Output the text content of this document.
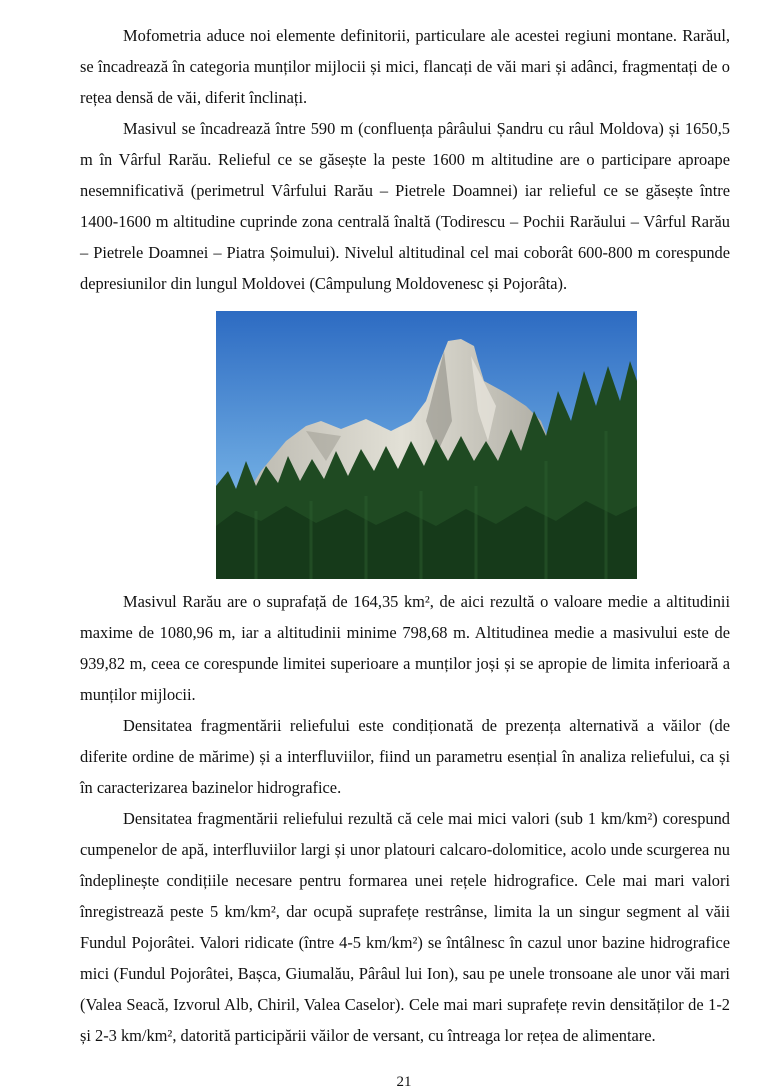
Mofometria aduce noi elemente definitorii, particulare ale acestei regiuni montane. Rarăul, se încadrează în categoria munților mijlocii și mici, flancați de văi mari și adânci, fragmentați de o rețea densă de văi, diferit înclinați.

Masivul se încadrează între 590 m (confluența pârâului Șandru cu râul Moldova) și 1650,5 m în Vârful Rarău. Relieful ce se găsește la peste 1600 m altitudine are o participare aproape nesemnificativă (perimetrul Vârfului Rarău – Pietrele Doamnei) iar relieful ce se găsește între 1400-1600 m altitudine cuprinde zona centrală înaltă (Todirescu – Pochii Rarăului – Vârful Rarău – Pietrele Doamnei – Piatra Șoimului). Nivelul altitudinal cel mai coborât 600-800 m corespunde depresiunilor din lungul Moldovei (Câmpulung Moldovenesc și Pojorâta).

Masivul Rarău are o suprafață de 164,35 km², de aici rezultă o valoare medie a altitudinii maxime de 1080,96 m, iar a altitudinii minime 798,68 m. Altitudinea medie a masivului este de 939,82 m, ceea ce corespunde limitei superioare a munților joși și se apropie de limita inferioară a munților mijlocii.

Densitatea fragmentării reliefului este condiționată de prezența alternativă a văilor (de diferite ordine de mărime) și a interfluviilor, fiind un parametru esențial în analiza reliefului, ca și în caracterizarea bazinelor hidrografice.

Densitatea fragmentării reliefului rezultă că cele mai mici valori (sub 1 km/km²) corespund cumpenelor de apă, interfluviilor largi și unor platouri calcaro-dolomitice, acolo unde scurgerea nu îndeplinește condițiile necesare pentru formarea unei rețele hidrografice. Cele mai mari valori înregistrează peste 5 km/km², dar ocupă suprafețe restrânse, limita la un singur segment al văii Fundul Pojorâtei. Valori ridicate (între 4-5 km/km²) se întâlnesc în cazul unor bazine hidrografice mici (Fundul Pojorâtei, Bașca, Giumalău, Pârâul lui Ion), sau pe unele tronsoane ale unor văi mari (Valea Seacă, Izvorul Alb, Chiril, Valea Caselor). Cele mai mari suprafețe revin densităților de 1-2 și 2-3 km/km², datorită participării văilor de versant, cu întreaga lor rețea de alimentare.

21
